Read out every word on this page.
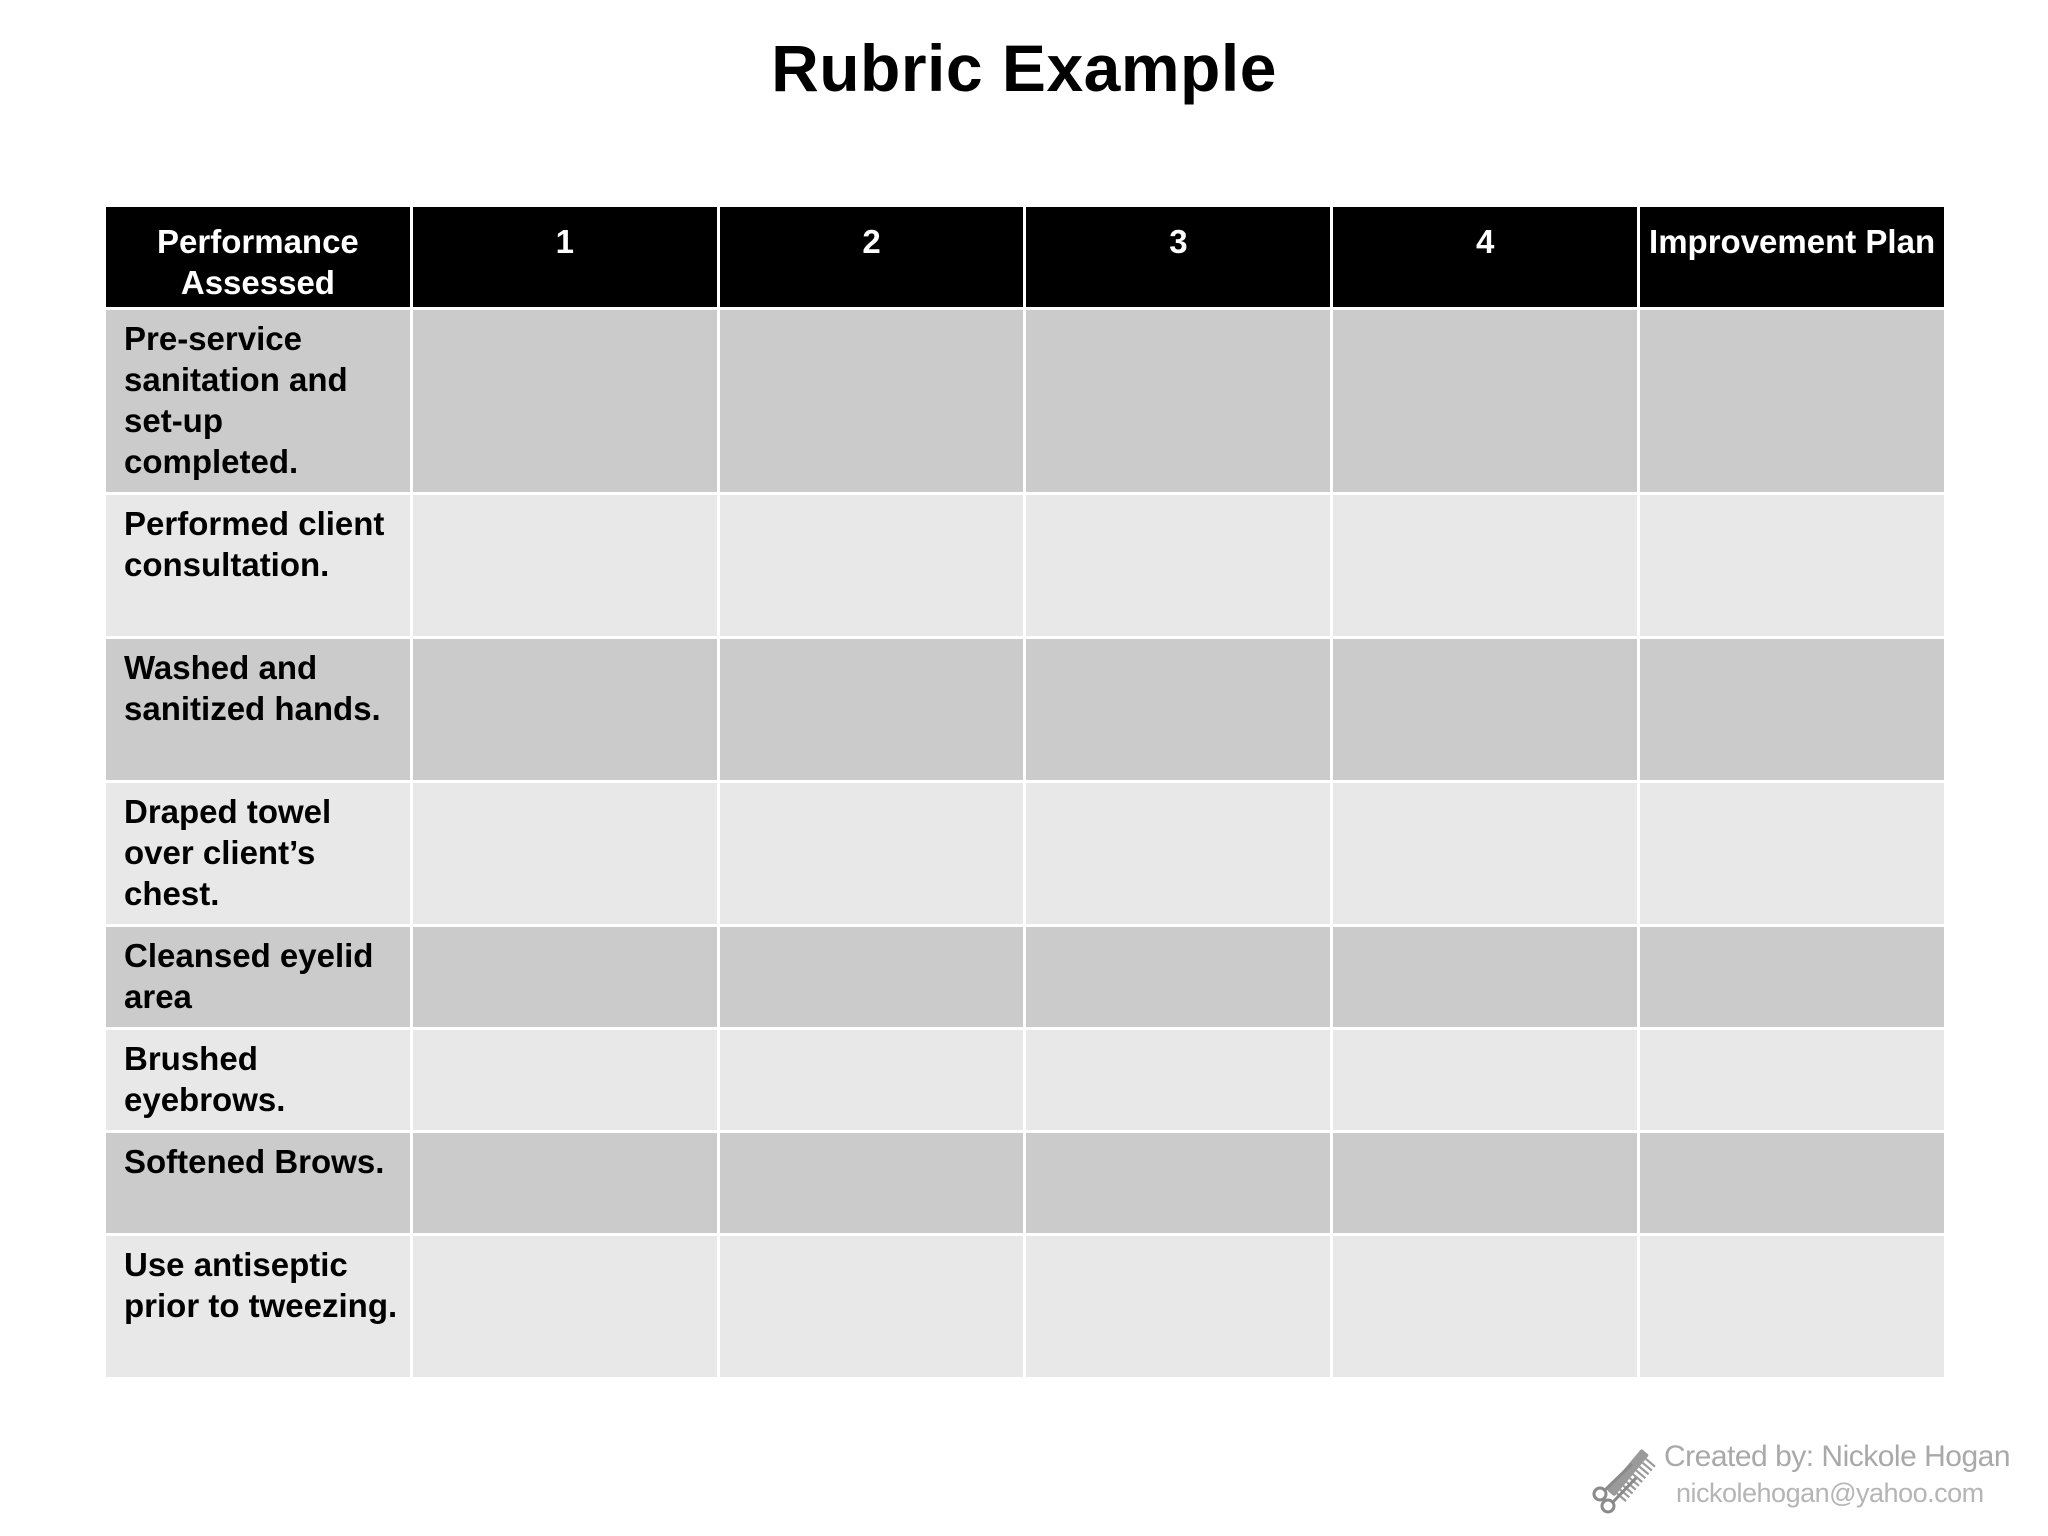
Rubric Example
Performance Assessed	1	2	3	4	Improvement Plan
Pre-service sanitation and set-up completed.					
Performed client consultation.					
Washed and sanitized hands.					
Draped towel over client’s chest.					
Cleansed eyelid area					
Brushed eyebrows.					
Softened Brows.					
Use antiseptic prior to tweezing.					
Created by: Nickole Hogan
nickolehogan@yahoo.com
